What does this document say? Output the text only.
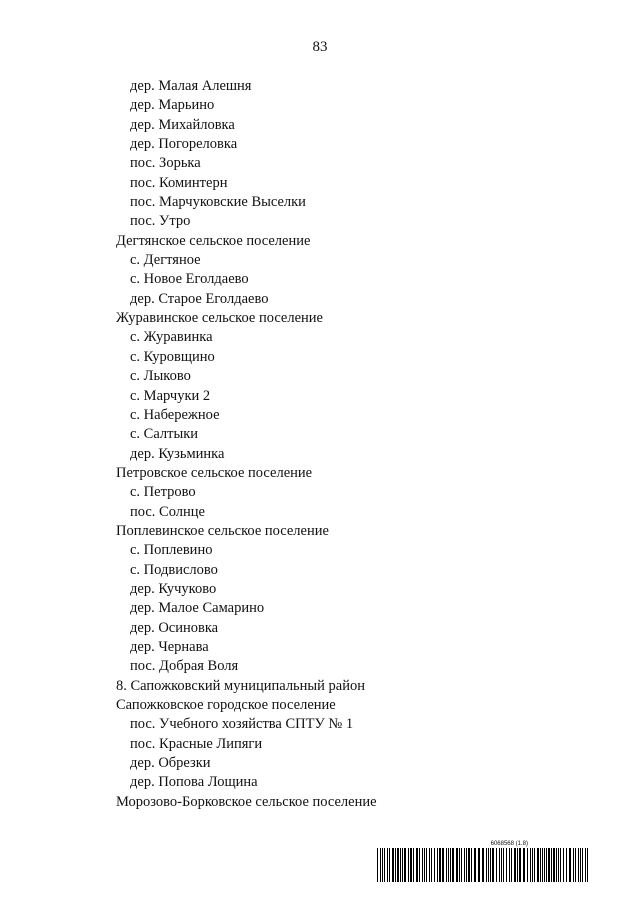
83
дер. Малая Алешня
дер. Марьино
дер. Михайловка
дер. Погореловка
пос. Зорька
пос. Коминтерн
пос. Марчуковские Выселки
пос. Утро
Дегтянское сельское поселение
с. Дегтяное
с. Новое Еголдаево
дер. Старое Еголдаево
Журавинское сельское поселение
с. Журавинка
с. Куровщино
с. Лыково
с. Марчуки 2
с. Набережное
с. Салтыки
дер. Кузьминка
Петровское сельское поселение
с. Петрово
пос. Солнце
Поплевинское сельское поселение
с. Поплевино
с. Подвислово
дер. Кучуково
дер. Малое Самарино
дер. Осиновка
дер. Чернава
пос. Добрая Воля
8. Сапожковский муниципальный район
Сапожковское городское поселение
пос. Учебного хозяйства СПТУ № 1
пос. Красные Липяги
дер. Обрезки
дер. Попова Лощина
Морозово-Борковское сельское поселение
6068568 (1.8)
